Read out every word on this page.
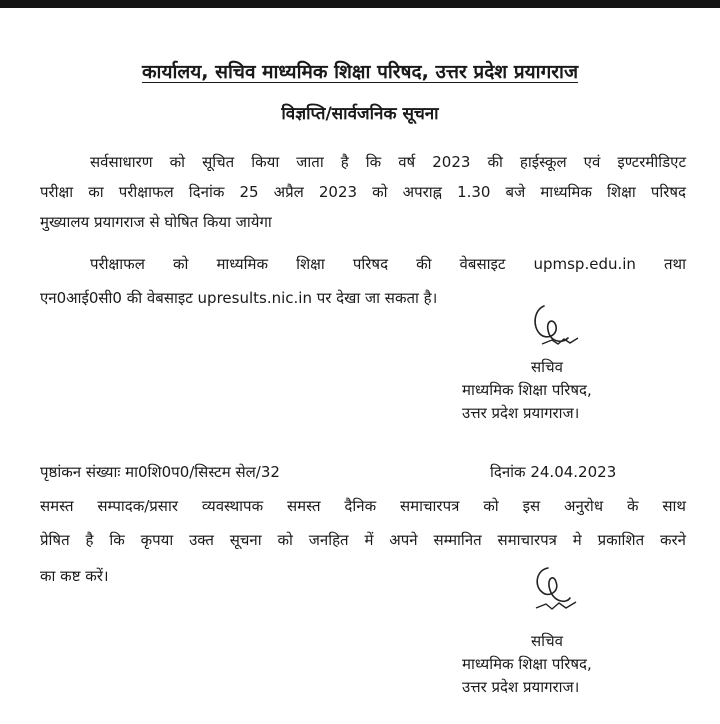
कार्यालय, सचिव माध्यमिक शिक्षा परिषद, उत्तर प्रदेश प्रयागराज
विज्ञप्ति/सार्वजनिक सूचना
सर्वसाधारण को सूचित किया जाता है कि वर्ष 2023 की हाईस्कूल एवं इण्टरमीडिएट
परीक्षा का परीक्षाफल दिनांक 25 अप्रैल 2023 को अपराह्न 1.30 बजे माध्यमिक शिक्षा परिषद
मुख्यालय प्रयागराज से घोषित किया जायेगा
परीक्षाफल को माध्यमिक शिक्षा परिषद की वेबसाइट upmsp.edu.in तथा
एन0आई0सी0 की वेबसाइट upresults.nic.in पर देखा जा सकता है।
सचिव
माध्यमिक शिक्षा परिषद,
उत्तर प्रदेश प्रयागराज।
पृष्ठांकन संख्याः मा0शि0प0/सिस्टम सेल/32	दिनांक 24.04.2023
समस्त सम्पादक/प्रसार व्यवस्थापक समस्त दैनिक समाचारपत्र को इस अनुरोध के साथ
प्रेषित है कि कृपया उक्त सूचना को जनहित में अपने सम्मानित समाचारपत्र मे प्रकाशित करने
का कष्ट करें।
सचिव
माध्यमिक शिक्षा परिषद,
उत्तर प्रदेश प्रयागराज।
